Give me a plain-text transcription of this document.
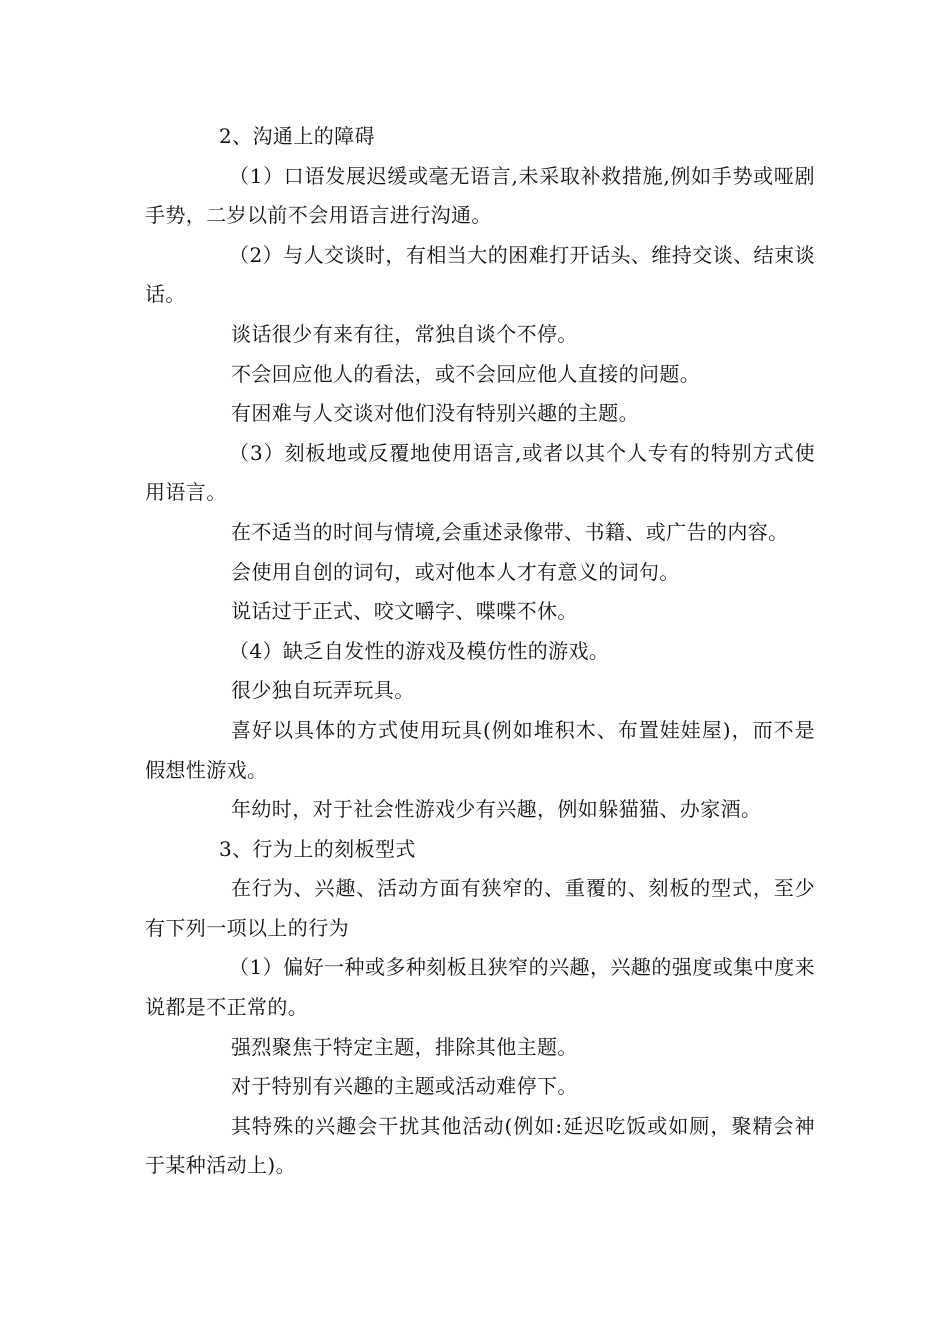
2、沟通上的障碍

（1）口语发展迟缓或毫无语言,未采取补救措施,例如手势或哑剧手势，二岁以前不会用语言进行沟通。

（2）与人交谈时，有相当大的困难打开话头、维持交谈、结束谈话。

谈话很少有来有往，常独自谈个不停。

不会回应他人的看法，或不会回应他人直接的问题。

有困难与人交谈对他们没有特别兴趣的主题。

（3）刻板地或反覆地使用语言,或者以其个人专有的特别方式使用语言。

在不适当的时间与情境,会重述录像带、书籍、或广告的内容。

会使用自创的词句，或对他本人才有意义的词句。

说话过于正式、咬文嚼字、喋喋不休。

（4）缺乏自发性的游戏及模仿性的游戏。

很少独自玩弄玩具。

喜好以具体的方式使用玩具(例如堆积木、布置娃娃屋)，而不是假想性游戏。

年幼时，对于社会性游戏少有兴趣，例如躲猫猫、办家酒。

3、行为上的刻板型式

在行为、兴趣、活动方面有狭窄的、重覆的、刻板的型式，至少有下列一项以上的行为

（1）偏好一种或多种刻板且狭窄的兴趣，兴趣的强度或集中度来说都是不正常的。

强烈聚焦于特定主题，排除其他主题。

对于特别有兴趣的主题或活动难停下。

其特殊的兴趣会干扰其他活动(例如:延迟吃饭或如厕，聚精会神于某种活动上)。
